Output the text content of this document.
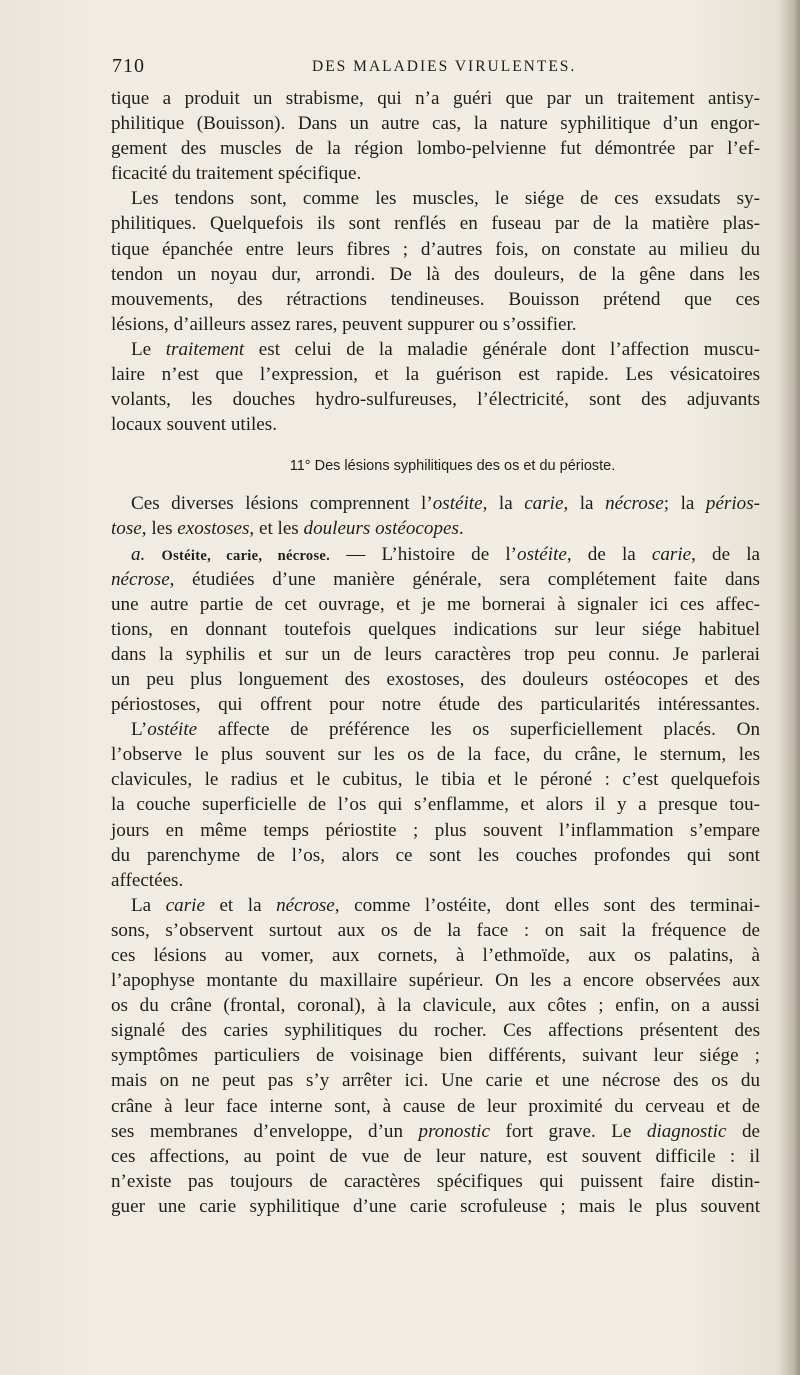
710	DES MALADIES VIRULENTES.
tique a produit un strabisme, qui n’a guéri que par un traitement antisy-
philitique (Bouisson). Dans un autre cas, la nature syphilitique d’un engor-
gement des muscles de la région lombo-pelvienne fut démontrée par l’ef-
ficacité du traitement spécifique.
Les tendons sont, comme les muscles, le siége de ces exsudats sy-
philitiques. Quelquefois ils sont renflés en fuseau par de la matière plas-
tique épanchée entre leurs fibres ; d’autres fois, on constate au milieu du
tendon un noyau dur, arrondi. De là des douleurs, de la gêne dans les
mouvements, des rétractions tendineuses. Bouisson prétend que ces
lésions, d’ailleurs assez rares, peuvent suppurer ou s’ossifier.
Le traitement est celui de la maladie générale dont l’affection muscu-
laire n’est que l’expression, et la guérison est rapide. Les vésicatoires
volants, les douches hydro-sulfureuses, l’électricité, sont des adjuvants
locaux souvent utiles.
11° Des lésions syphilitiques des os et du périoste.
Ces diverses lésions comprennent l’ostéite, la carie, la nécrose; la périos-
tose, les exostoses, et les douleurs ostéocopes.
a. Ostéite, carie, nécrose. — L’histoire de l’ostéite, de la carie, de la
nécrose, étudiées d’une manière générale, sera complétement faite dans
une autre partie de cet ouvrage, et je me bornerai à signaler ici ces affec-
tions, en donnant toutefois quelques indications sur leur siége habituel
dans la syphilis et sur un de leurs caractères trop peu connu. Je parlerai
un peu plus longuement des exostoses, des douleurs ostéocopes et des
périostoses, qui offrent pour notre étude des particularités intéressantes.
L’ostéite affecte de préférence les os superficiellement placés. On
l’observe le plus souvent sur les os de la face, du crâne, le sternum, les
clavicules, le radius et le cubitus, le tibia et le péroné : c’est quelquefois
la couche superficielle de l’os qui s’enflamme, et alors il y a presque tou-
jours en même temps périostite ; plus souvent l’inflammation s’empare
du parenchyme de l’os, alors ce sont les couches profondes qui sont
affectées.
La carie et la nécrose, comme l’ostéite, dont elles sont des terminai-
sons, s’observent surtout aux os de la face : on sait la fréquence de
ces lésions au vomer, aux cornets, à l’ethmoïde, aux os palatins, à
l’apophyse montante du maxillaire supérieur. On les a encore observées aux
os du crâne (frontal, coronal), à la clavicule, aux côtes ; enfin, on a aussi
signalé des caries syphilitiques du rocher. Ces affections présentent des
symptômes particuliers de voisinage bien différents, suivant leur siége ;
mais on ne peut pas s’y arrêter ici. Une carie et une nécrose des os du
crâne à leur face interne sont, à cause de leur proximité du cerveau et de
ses membranes d’enveloppe, d’un pronostic fort grave. Le diagnostic de
ces affections, au point de vue de leur nature, est souvent difficile : il
n’existe pas toujours de caractères spécifiques qui puissent faire distin-
guer une carie syphilitique d’une carie scrofuleuse ; mais le plus souvent
